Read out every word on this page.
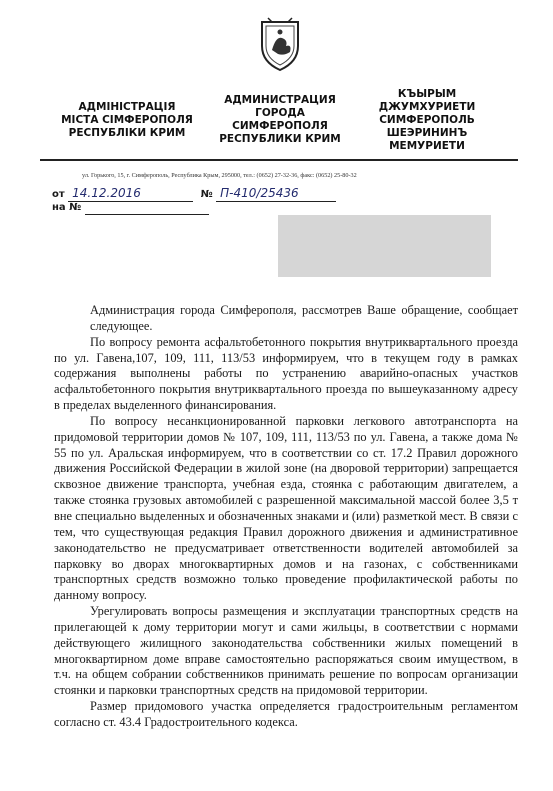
АДМІНІСТРАЦІЯ
МІСТА СІМФЕРОПОЛЯ
РЕСПУБЛІКИ КРИМ
АДМИНИСТРАЦИЯ
ГОРОДА
СИМФЕРОПОЛЯ
РЕСПУБЛИКИ КРИМ
КЪЫРЫМ
ДЖУМХУРИЕТИ
СИМФЕРОПОЛЬ
ШЕЭРИНИНЪ
МЕМУРИЕТИ
ул. Горького, 15, г. Симферополь, Республика Крым, 295000, тел.: (0652) 27-32-36, факс: (0652) 25-80-32
от 14.12.2016	№ П-410/25436
на №

Администрация города Симферополя, рассмотрев Ваше обращение, сообщает следующее.

По вопросу ремонта асфальтобетонного покрытия внутриквартального проезда по ул. Гавена,107, 109, 111, 113/53 информируем, что в текущем году в рамках содержания выполнены работы по устранению аварийно-опасных участков асфальтобетонного покрытия внутриквартального проезда по вышеуказанному адресу в пределах выделенного финансирования.

По вопросу несанкционированной парковки легкового автотранспорта на придомовой территории домов № 107, 109, 111, 113/53 по ул. Гавена, а также дома № 55 по ул. Аральская информируем, что в соответствии со ст. 17.2 Правил дорожного движения Российской Федерации в жилой зоне (на дворовой территории) запрещается сквозное движение транспорта, учебная езда, стоянка с работающим двигателем, а также стоянка грузовых автомобилей с разрешенной максимальной массой более 3,5 т вне специально выделенных и обозначенных знаками и (или) разметкой мест. В связи с тем, что существующая редакция Правил дорожного движения и административное законодательство не предусматривает ответственности водителей автомобилей за парковку во дворах многоквартирных домов и на газонах, с собственниками транспортных средств возможно только проведение профилактической работы по данному вопросу.

Урегулировать вопросы размещения и эксплуатации транспортных средств на прилегающей к дому территории могут и сами жильцы, в соответствии с нормами действующего жилищного законодательства собственники жилых помещений в многоквартирном доме вправе самостоятельно распоряжаться своим имуществом, в т.ч. на общем собрании собственников принимать решение по вопросам организации стоянки и парковки транспортных средств на придомовой территории.

Размер придомового участка определяется градостроительным регламентом согласно ст. 43.4 Градостроительного кодекса.
